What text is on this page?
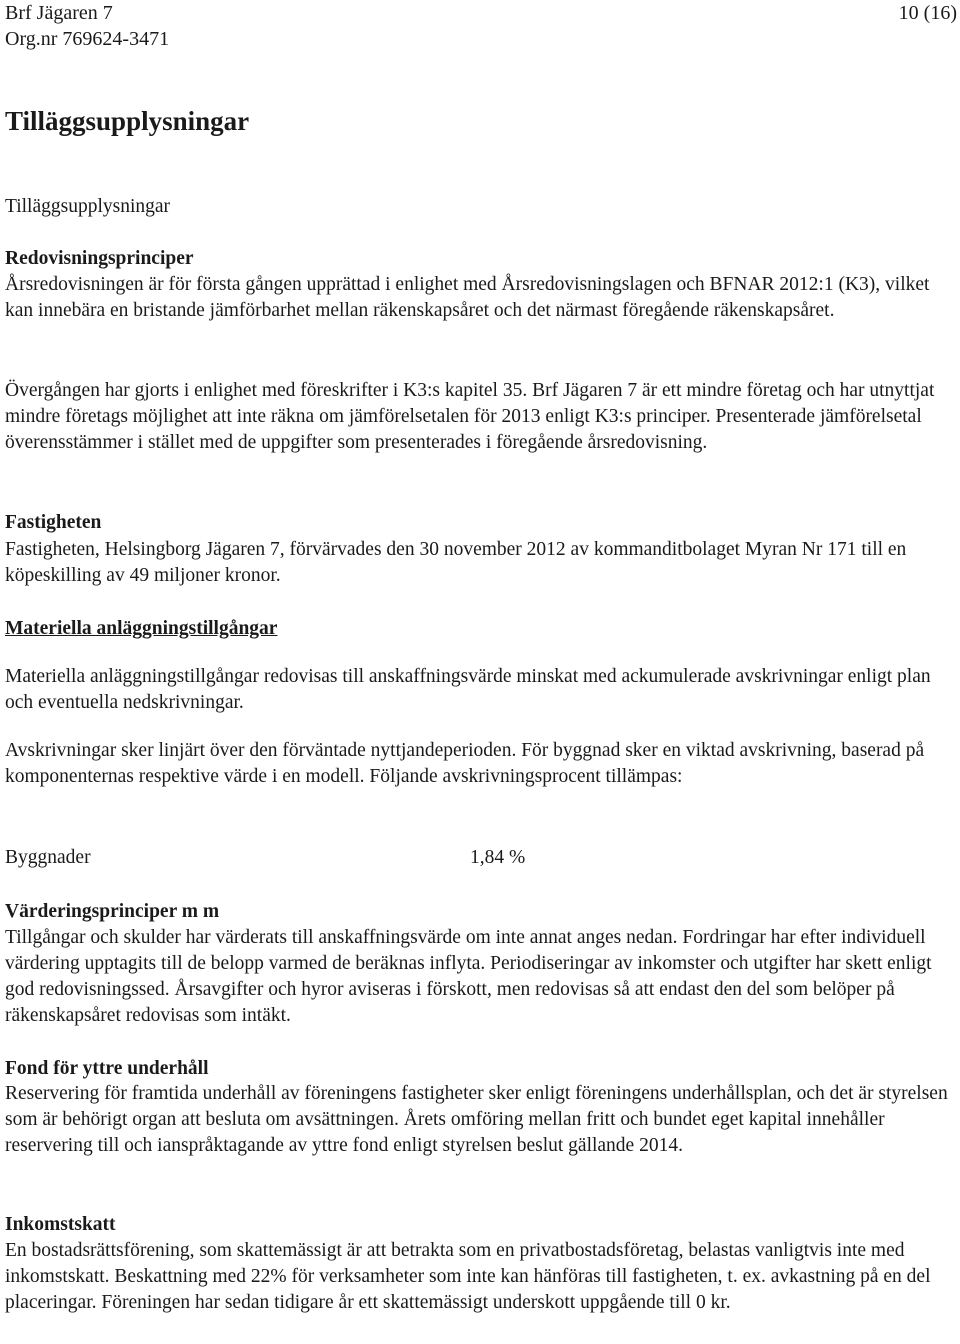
Brf Jägaren 7
Org.nr 769624-3471
10 (16)
Tilläggsupplysningar

Tilläggsupplysningar

Redovisningsprinciper

Årsredovisningen är för första gången upprättad i enlighet med Årsredovisningslagen och BFNAR 2012:1 (K3), vilket kan innebära en bristande jämförbarhet mellan räkenskapsåret och det närmast föregående räkenskapsåret.

Övergången har gjorts i enlighet med föreskrifter i K3:s kapitel 35. Brf Jägaren 7 är ett mindre företag och har utnyttjat mindre företags möjlighet att inte räkna om jämförelsetalen för 2013 enligt K3:s principer. Presenterade jämförelsetal överensstämmer i stället med de uppgifter som presenterades i föregående årsredovisning.

Fastigheten

Fastigheten, Helsingborg Jägaren 7, förvärvades den 30 november 2012 av kommanditbolaget Myran Nr 171 till en köpeskilling av 49 miljoner kronor.

Materiella anläggningstillgångar

Materiella anläggningstillgångar redovisas till anskaffningsvärde minskat med ackumulerade avskrivningar enligt plan och eventuella nedskrivningar.

Avskrivningar sker linjärt över den förväntade nyttjandeperioden. För byggnad sker en viktad avskrivning, baserad på komponenternas respektive värde i en modell. Följande avskrivningsprocent tillämpas:

Byggnader	1,84 %

Värderingsprinciper m m

Tillgångar och skulder har värderats till anskaffningsvärde om inte annat anges nedan. Fordringar har efter individuell värdering upptagits till de belopp varmed de beräknas inflyta. Periodiseringar av inkomster och utgifter har skett enligt god redovisningssed. Årsavgifter och hyror aviseras i förskott, men redovisas så att endast den del som belöper på räkenskapsåret redovisas som intäkt.

Fond för yttre underhåll

Reservering för framtida underhåll av föreningens fastigheter sker enligt föreningens underhållsplan, och det är styrelsen som är behörigt organ att besluta om avsättningen. Årets omföring mellan fritt och bundet eget kapital innehåller reservering till och ianspråktagande av yttre fond enligt styrelsen beslut gällande 2014.

Inkomstskatt

En bostadsrättsförening, som skattemässigt är att betrakta som en privatbostadsföretag, belastas vanligtvis inte med inkomstskatt. Beskattning med 22% för verksamheter som inte kan hänföras till fastigheten, t. ex. avkastning på en del placeringar. Föreningen har sedan tidigare år ett skattemässigt underskott uppgående till 0 kr.
